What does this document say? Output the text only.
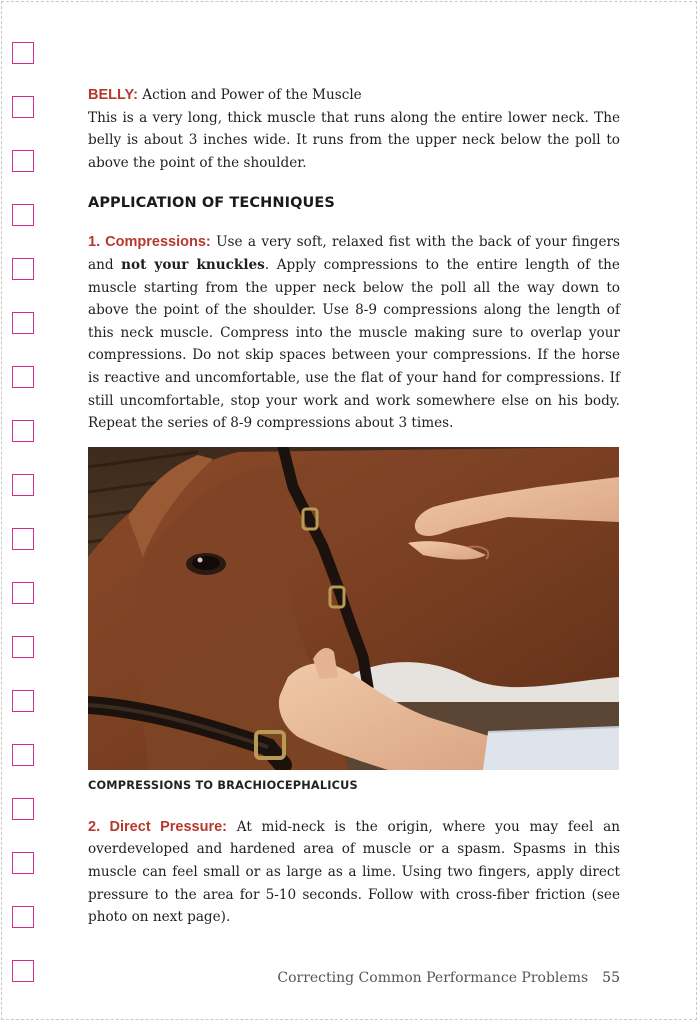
BELLY: Action and Power of the Muscle

This is a very long, thick muscle that runs along the entire lower neck. The belly is about 3 inches wide. It runs from the upper neck below the poll to above the point of the shoulder.

APPLICATION OF TECHNIQUES

1. Compressions: Use a very soft, relaxed fist with the back of your fingers and not your knuckles. Apply compressions to the entire length of the muscle starting from the upper neck below the poll all the way down to above the point of the shoulder. Use 8-9 compressions along the length of this neck muscle. Compress into the muscle making sure to overlap your compressions. Do not skip spaces between your compressions. If the horse is reactive and uncomfortable, use the flat of your hand for compressions. If still uncomfortable, stop your work and work somewhere else on his body. Repeat the series of 8-9 compressions about 3 times.

COMPRESSIONS TO BRACHIOCEPHALICUS

2. Direct Pressure: At mid-neck is the origin, where you may feel an overdeveloped and hardened area of muscle or a spasm. Spasms in this muscle can feel small or as large as a lime. Using two fingers, apply direct pressure to the area for 5-10 seconds. Follow with cross-fiber friction (see photo on next page).

Correcting Common Performance Problems 55
